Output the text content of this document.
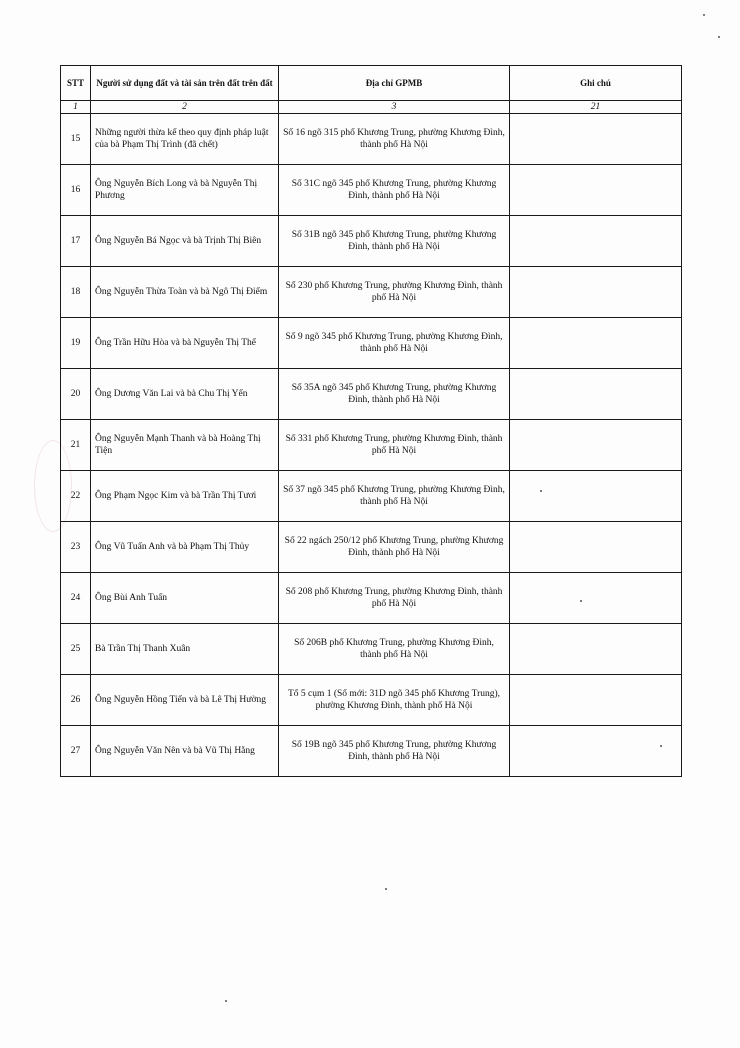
STT	Người sử dụng đất và tài sản trên đất trên đất	Địa chỉ GPMB	Ghi chú
1	2	3	21
15	Những người thừa kế theo quy định pháp luật của bà Phạm Thị Trình (đã chết)	Số 16 ngõ 315 phố Khương Trung, phường Khương Đình, thành phố Hà Nội	
16	Ông Nguyễn Bích Long và bà Nguyễn Thị Phương	Số 31C ngõ 345 phố Khương Trung, phường Khương Đình, thành phố Hà Nội	
17	Ông Nguyễn Bá Ngọc và bà Trịnh Thị Biên	Số 31B ngõ 345 phố Khương Trung, phường Khương Đình, thành phố Hà Nội	
18	Ông Nguyễn Thừa Toàn và bà Ngô Thị Điểm	Số 230 phố Khương Trung, phường Khương Đình, thành phố Hà Nội	
19	Ông Trần Hữu Hòa và bà Nguyễn Thị Thế	Số 9 ngõ 345 phố Khương Trung, phường Khương Đình, thành phố Hà Nội	
20	Ông Dương Văn Lai và bà Chu Thị Yến	Số 35A ngõ 345 phố Khương Trung, phường Khương Đình, thành phố Hà Nội	
21	Ông Nguyễn Mạnh Thanh và bà Hoàng Thị Tiện	Số 331 phố Khương Trung, phường Khương Đình, thành phố Hà Nội	
22	Ông Phạm Ngọc Kim và bà Trần Thị Tươi	Số 37 ngõ 345 phố Khương Trung, phường Khương Đình, thành phố Hà Nội	
23	Ông Vũ Tuấn Anh và bà Phạm Thị Thủy	Số 22 ngách 250/12 phố Khương Trung, phường Khương Đình, thành phố Hà Nội	
24	Ông Bùi Anh Tuấn	Số 208 phố Khương Trung, phường Khương Đình, thành phố Hà Nội	
25	Bà Trần Thị Thanh Xuân	Số 206B phố Khương Trung, phường Khương Đình, thành phố Hà Nội	
26	Ông Nguyễn Hồng Tiến và bà Lê Thị Hường	Tổ 5 cụm 1 (Số mới: 31D ngõ 345 phố Khương Trung), phường Khương Đình, thành phố Hà Nội	
27	Ông Nguyễn Văn Nên và bà Vũ Thị Hằng	Số 19B ngõ 345 phố Khương Trung, phường Khương Đình, thành phố Hà Nội	
